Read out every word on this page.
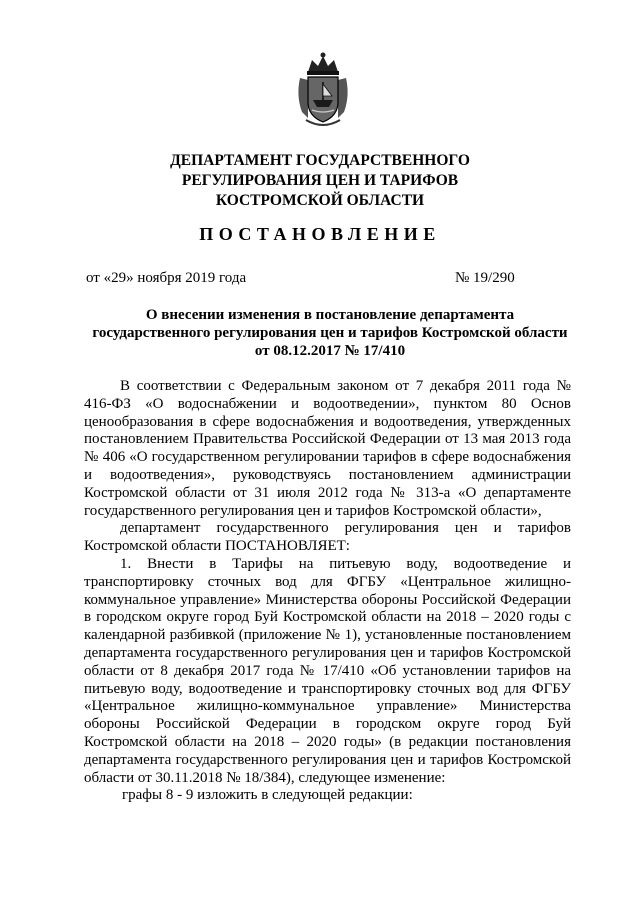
ДЕПАРТАМЕНТ ГОСУДАРСТВЕННОГО
РЕГУЛИРОВАНИЯ ЦЕН И ТАРИФОВ
КОСТРОМСКОЙ ОБЛАСТИ
ПОСТАНОВЛЕНИЕ
от «29» ноября 2019 года	№ 19/290
О внесении изменения в постановление департамента
государственного регулирования цен и тарифов Костромской области
от 08.12.2017 № 17/410

В соответствии с Федеральным законом от 7 декабря 2011 года № 416-ФЗ «О водоснабжении и водоотведении», пунктом 80 Основ ценообразования в сфере водоснабжения и водоотведения, утвержденных постановлением Правительства Российской Федерации от 13 мая 2013 года № 406 «О государственном регулировании тарифов в сфере водоснабжения и водоотведения», руководствуясь постановлением администрации Костромской области от 31 июля 2012 года № 313-а «О департаменте государственного регулирования цен и тарифов Костромской области»,

департамент государственного регулирования цен и тарифов Костромской области ПОСТАНОВЛЯЕТ:

1. Внести в Тарифы на питьевую воду, водоотведение и транспортировку сточных вод для ФГБУ «Центральное жилищно-коммунальное управление» Министерства обороны Российской Федерации в городском округе город Буй Костромской области на 2018 – 2020 годы с календарной разбивкой (приложение № 1), установленные постановлением департамента государственного регулирования цен и тарифов Костромской области от 8 декабря 2017 года № 17/410 «Об установлении тарифов на питьевую воду, водоотведение и транспортировку сточных вод для ФГБУ «Центральное жилищно-коммунальное управление» Министерства обороны Российской Федерации в городском округе город Буй Костромской области на 2018 – 2020 годы» (в редакции постановления департамента государственного регулирования цен и тарифов Костромской области от 30.11.2018 № 18/384), следующее изменение:

графы 8 - 9 изложить в следующей редакции:
